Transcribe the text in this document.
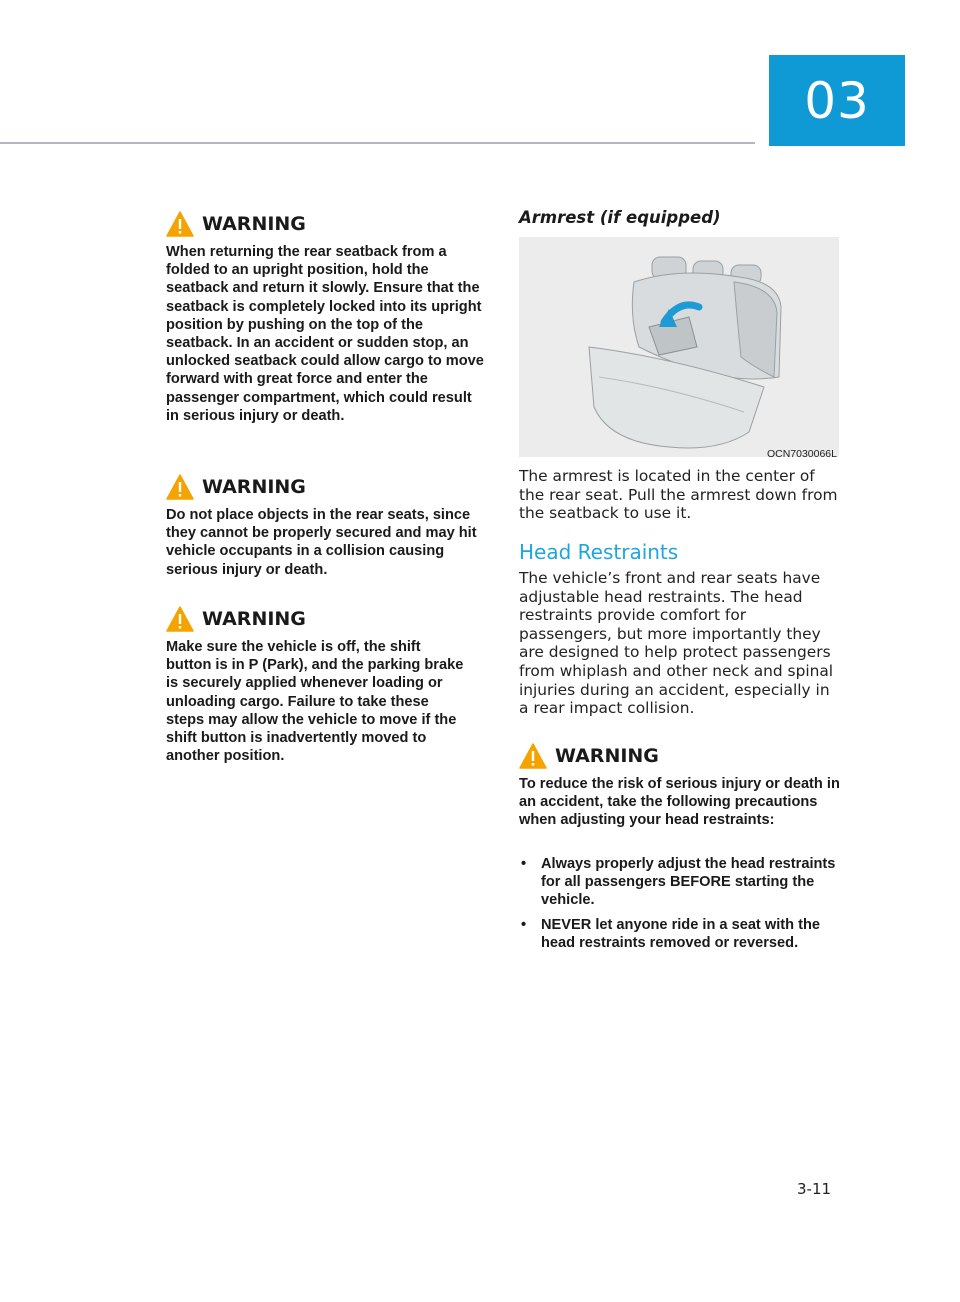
03
WARNING
When returning the rear seatback from a folded to an upright position, hold the seatback and return it slowly. Ensure that the seatback is completely locked into its upright position by pushing on the top of the seatback. In an accident or sudden stop, an unlocked seatback could allow cargo to move forward with great force and enter the passenger compartment, which could result in serious injury or death.
WARNING
Do not place objects in the rear seats, since they cannot be properly secured and may hit vehicle occupants in a collision causing serious injury or death.
WARNING
Make sure the vehicle is off, the shift button is in P (Park), and the parking brake is securely applied whenever loading or unloading cargo. Failure to take these steps may allow the vehicle to move if the shift button is inadvertently moved to another position.
Armrest (if equipped)
OCN7030066L
The armrest is located in the center of the rear seat. Pull the armrest down from the seatback to use it.
Head Restraints
The vehicle’s front and rear seats have adjustable head restraints. The head restraints provide comfort for passengers, but more importantly they are designed to help protect passengers from whiplash and other neck and spinal injuries during an accident, especially in a rear impact collision.
WARNING
To reduce the risk of serious injury or death in an accident, take the following precautions when adjusting your head restraints:
• Always properly adjust the head restraints for all passengers BEFORE starting the vehicle.
• NEVER let anyone ride in a seat with the head restraints removed or reversed.
3-11
